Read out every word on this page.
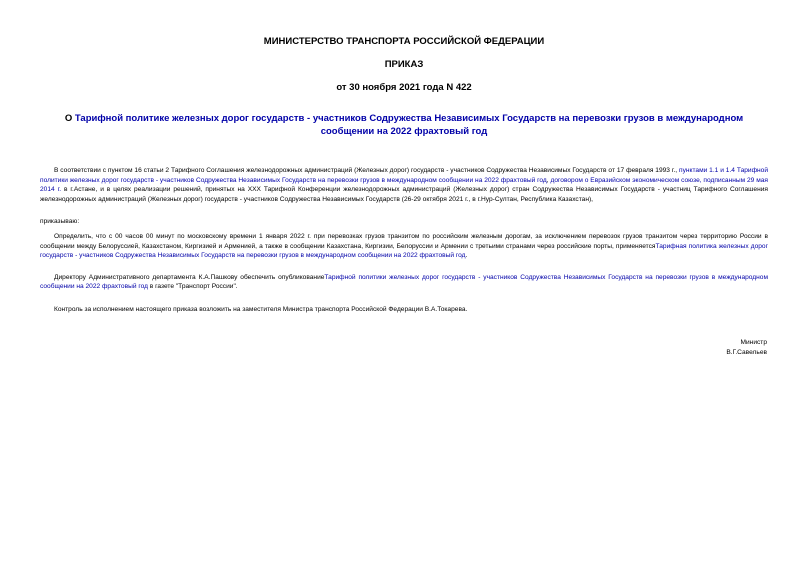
МИНИСТЕРСТВО ТРАНСПОРТА РОССИЙСКОЙ ФЕДЕРАЦИИ
ПРИКАЗ
от 30 ноября 2021 года N 422
О Тарифной политике железных дорог государств - участников Содружества Независимых Государств на перевозки грузов в международном сообщении на 2022 фрахтовый год
В соответствии с пунктом 16 статьи 2 Тарифного Соглашения железнодорожных администраций (Железных дорог) государств - участников Содружества Независимых Государств от 17 февраля 1993 г., пунктами 1.1 и 1.4 Тарифной политики железных дорог государств - участников Содружества Независимых Государств на перевозки грузов в международном сообщении на 2022 фрахтовый год, договором о Евразийском экономическом союзе, подписанным 29 мая 2014 г. в г.Астане, и в целях реализации решений, принятых на XXX Тарифной Конференции железнодорожных администраций (Железных дорог) стран Содружества Независимых Государств - участниц Тарифного Соглашения железнодорожных администраций (Железных дорог) государств - участников Содружества Независимых Государств (26-29 октября 2021 г., в г.Нур-Султан, Республика Казахстан),
приказываю:
Определить, что с 00 часов 00 минут по московскому времени 1 января 2022 г. при перевозках грузов транзитом по российским железным дорогам, за исключением перевозок грузов транзитом через территорию России в сообщении между Белоруссией, Казахстаном, Киргизией и Арменией, а также в сообщении Казахстана, Киргизии, Белоруссии и Армении с третьими странами через российские порты, применяетсяТарифная политика железных дорог государств - участников Содружества Независимых Государств на перевозки грузов в международном сообщении на 2022 фрахтовый год.
Директору Административного департамента К.А.Пашкову обеспечить опубликованиеТарифной политики железных дорог государств - участников Содружества Независимых Государств на перевозки грузов в международном сообщении на 2022 фрахтовый год в газете "Транспорт России".
Контроль за исполнением настоящего приказа возложить на заместителя Министра транспорта Российской Федерации В.А.Токарева.
Министр
В.Г.Савельев
